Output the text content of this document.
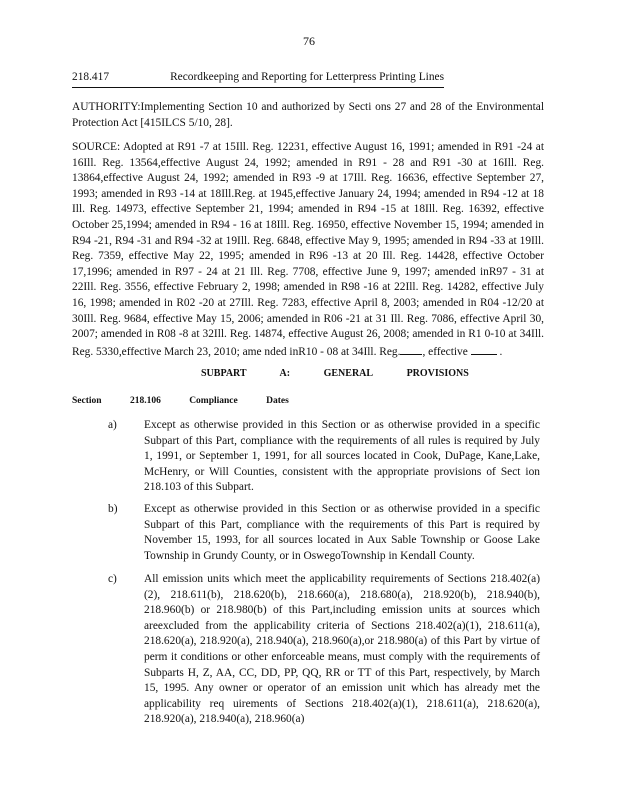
76
218.417	Recordkeeping and Reporting for Letterpress Printing Lines
AUTHORITY:Implementing Section 10 and authorized by Secti ons 27 and 28 of the Environmental Protection Act [415ILCS 5/10, 28].
SOURCE: Adopted at R91 -7 at 15Ill. Reg. 12231, effective August 16, 1991; amended in R91 -24 at 16Ill. Reg. 13564,effective August 24, 1992; amended in R91 - 28 and R91 -30 at 16Ill. Reg. 13864,effective August 24, 1992; amended in R93 -9 at 17Ill. Reg. 16636, effective September 27, 1993; amended in R93 -14 at 18Ill.Reg. at 1945,effective January 24, 1994; amended in R94 -12 at 18 Ill. Reg. 14973, effective September 21, 1994; amended in R94 -15 at 18Ill. Reg. 16392, effective October 25,1994; amended in R94 - 16 at 18Ill. Reg. 16950, effective November 15, 1994; amended in R94 -21, R94 -31 and R94 -32 at 19Ill. Reg. 6848, effective May 9, 1995; amended in R94 -33 at 19Ill. Reg. 7359, effective May 22, 1995; amended in R96 -13 at 20 Ill. Reg. 14428, effective October 17,1996; amended in R97 - 24 at 21 Ill. Reg. 7708, effective June 9, 1997; amended inR97 - 31 at 22Ill. Reg. 3556, effective February 2, 1998; amended in R98 -16 at 22Ill. Reg. 14282, effective July 16, 1998; amended in R02 -20 at 27Ill. Reg. 7283, effective April 8, 2003; amended in R04 -12/20 at 30Ill. Reg. 9684, effective May 15, 2006; amended in R06 -21 at 31 Ill. Reg. 7086, effective April 30, 2007; amended in R08 -8 at 32Ill. Reg. 14874, effective August 26, 2008; amended in R1 0-10 at 34Ill. Reg. 5330,effective March 23, 2010; ame nded inR10 - 08 at 34Ill. Reg. , effective	.
SUBPART	A:	GENERAL	PROVISIONS
Section	218.106	Compliance	Dates
a)	Except as otherwise provided in this Section or as otherwise provided in a specific Subpart of this Part, compliance with the requirements of all rules is required by July 1, 1991, or September 1, 1991, for all sources located in Cook, DuPage, Kane,Lake, McHenry, or Will Counties, consistent with the appropriate provisions of Sect ion 218.103 of this Subpart.
b)	Except as otherwise provided in this Section or as otherwise provided in a specific Subpart of this Part, compliance with the requirements of this Part is required by November 15, 1993, for all sources located in Aux Sable Township or Goose Lake Township in Grundy County, or in OswegoTownship in Kendall County.
c)	All emission units which meet the applicability requirements of Sections 218.402(a)(2), 218.611(b), 218.620(b), 218.660(a), 218.680(a), 218.920(b), 218.940(b), 218.960(b) or 218.980(b) of this Part,including emission units at sources which areexcluded from the applicability criteria of Sections 218.402(a)(1), 218.611(a), 218.620(a), 218.920(a), 218.940(a), 218.960(a),or 218.980(a) of this Part by virtue of perm it conditions or other enforceable means, must comply with the requirements of Subparts H, Z, AA, CC, DD, PP, QQ, RR or TT of this Part, respectively, by March 15, 1995. Any owner or operator of an emission unit which has already met the applicability req uirements of Sections 218.402(a)(1), 218.611(a), 218.620(a), 218.920(a), 218.940(a), 218.960(a)
